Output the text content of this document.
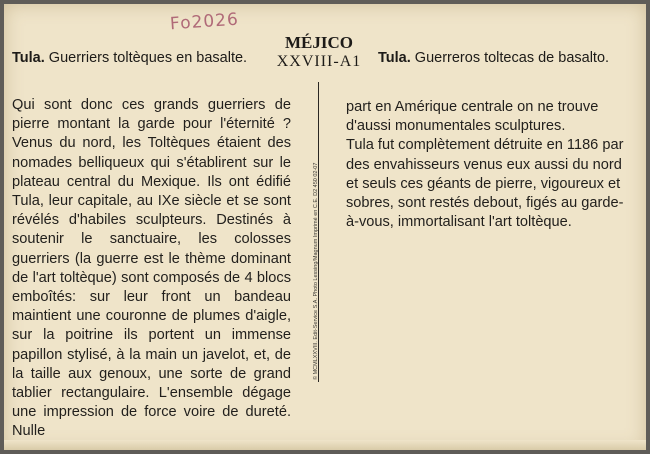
Fo2026
Tula. Guerriers toltèques en basalte.
MÉJICO
XXVIII-A1 Tula. Guerreros toltecas de basalto.

Qui sont donc ces grands guerriers de pierre montant la garde pour l'éternité ? Venus du nord, les Toltèques étaient des nomades belliqueux qui s'établirent sur le plateau central du Mexique. Ils ont édifié Tula, leur capitale, au IXe siècle et se sont révélés d'habiles sculpteurs. Destinés à soutenir le sanctuaire, les colosses guerriers (la guerre est le thème dominant de l'art toltèque) sont composés de 4 blocs emboîtés: sur leur front un bandeau maintient une couronne de plumes d'aigle, sur la poitrine ils portent un immense papillon stylisé, à la main un javelot, et, de la taille aux genoux, une sorte de grand tablier rectangulaire. L'ensemble dégage une impression de force voire de dureté. Nulle

© MCMLXXVIII. Edit-Service S.A. Photo Lessing/Magnum Imprimé en C.E. D2 450 02-07

part en Amérique centrale on ne trouve d'aussi monumentales sculptures.

Tula fut complètement détruite en 1186 par des envahisseurs venus eux aussi du nord et seuls ces géants de pierre, vigoureux et sobres, sont restés debout, figés au garde-à-vous, immortalisant l'art toltèque.
